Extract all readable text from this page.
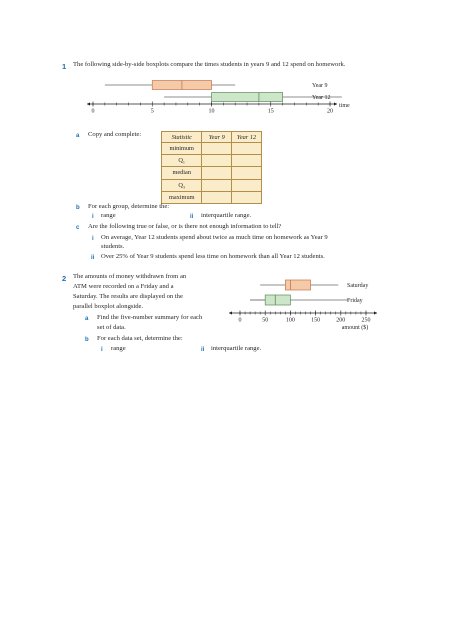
1 The following side-by-side boxplots compare the times students in years 9 and 12 spend on homework.
0	5	10	15	20
time
Year 9
Year 12
a Copy and complete:	Statistic	Year 9	Year 12
minimum		
Q₁		
median		
Q₃		
maximum		
b For each group, determine the:
i range	ii interquartile range.
c Are the following true or false, or is there not enough information to tell?
i On average, Year 12 students spend about twice as much time on homework as Year 9
students.
ii Over 25% of Year 9 students spend less time on homework than all Year 12 students.
2 The amounts of money withdrawn from an
ATM were recorded on a Friday and a
Saturday. The results are displayed on the
parallel boxplot alongside.
0	50	100	150	200	250
amount ($)
Saturday
Friday
a Find the five-number summary for each
set of data.
b For each data set, determine the:
i range	ii interquartile range.
